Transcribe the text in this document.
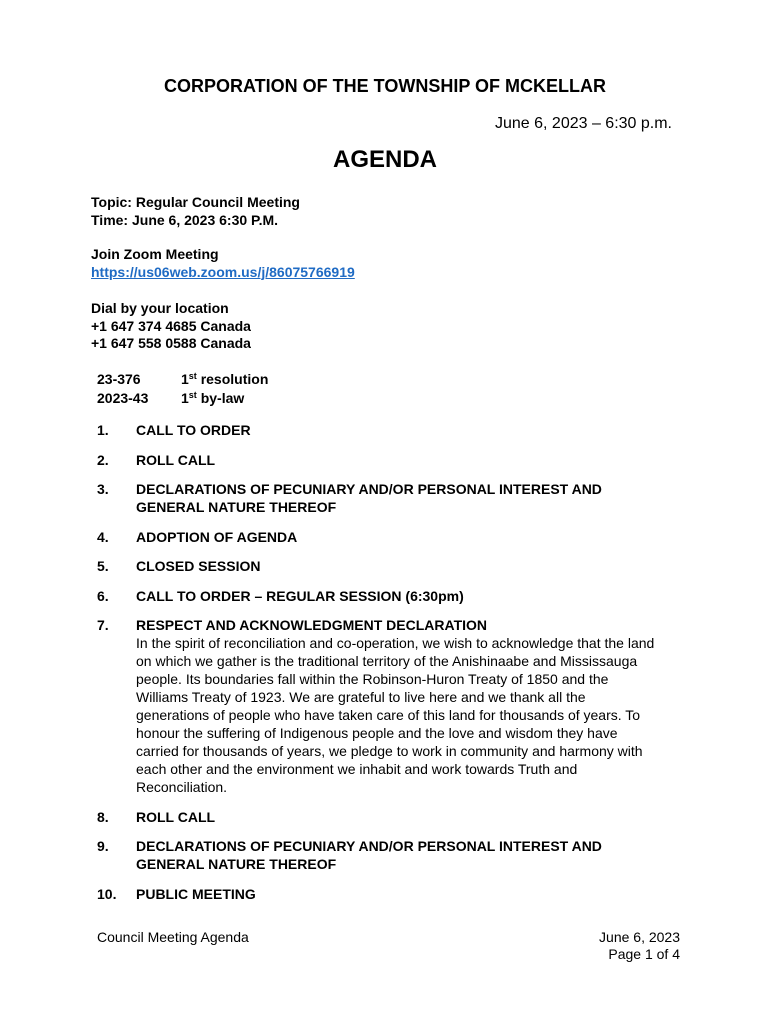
CORPORATION OF THE TOWNSHIP OF MCKELLAR
June 6, 2023 – 6:30 p.m.
AGENDA
Topic: Regular Council Meeting
Time: June 6, 2023 6:30 P.M.
Join Zoom Meeting
https://us06web.zoom.us/j/86075766919
Dial by your location
+1 647 374 4685 Canada
+1 647 558 0588 Canada
23-376	1st resolution
2023-43	1st by-law
1.	CALL TO ORDER
2.	ROLL CALL
3.	DECLARATIONS OF PECUNIARY AND/OR PERSONAL INTEREST AND GENERAL NATURE THEREOF
4.	ADOPTION OF AGENDA
5.	CLOSED SESSION
6.	CALL TO ORDER – REGULAR SESSION (6:30pm)
7.	RESPECT AND ACKNOWLEDGMENT DECLARATION
In the spirit of reconciliation and co-operation, we wish to acknowledge that the land on which we gather is the traditional territory of the Anishinaabe and Mississauga people. Its boundaries fall within the Robinson-Huron Treaty of 1850 and the Williams Treaty of 1923. We are grateful to live here and we thank all the generations of people who have taken care of this land for thousands of years. To honour the suffering of Indigenous people and the love and wisdom they have carried for thousands of years, we pledge to work in community and harmony with each other and the environment we inhabit and work towards Truth and Reconciliation.
8.	ROLL CALL
9.	DECLARATIONS OF PECUNIARY AND/OR PERSONAL INTEREST AND GENERAL NATURE THEREOF
10.	PUBLIC MEETING
Council Meeting Agenda	June 6, 2023
Page 1 of 4
